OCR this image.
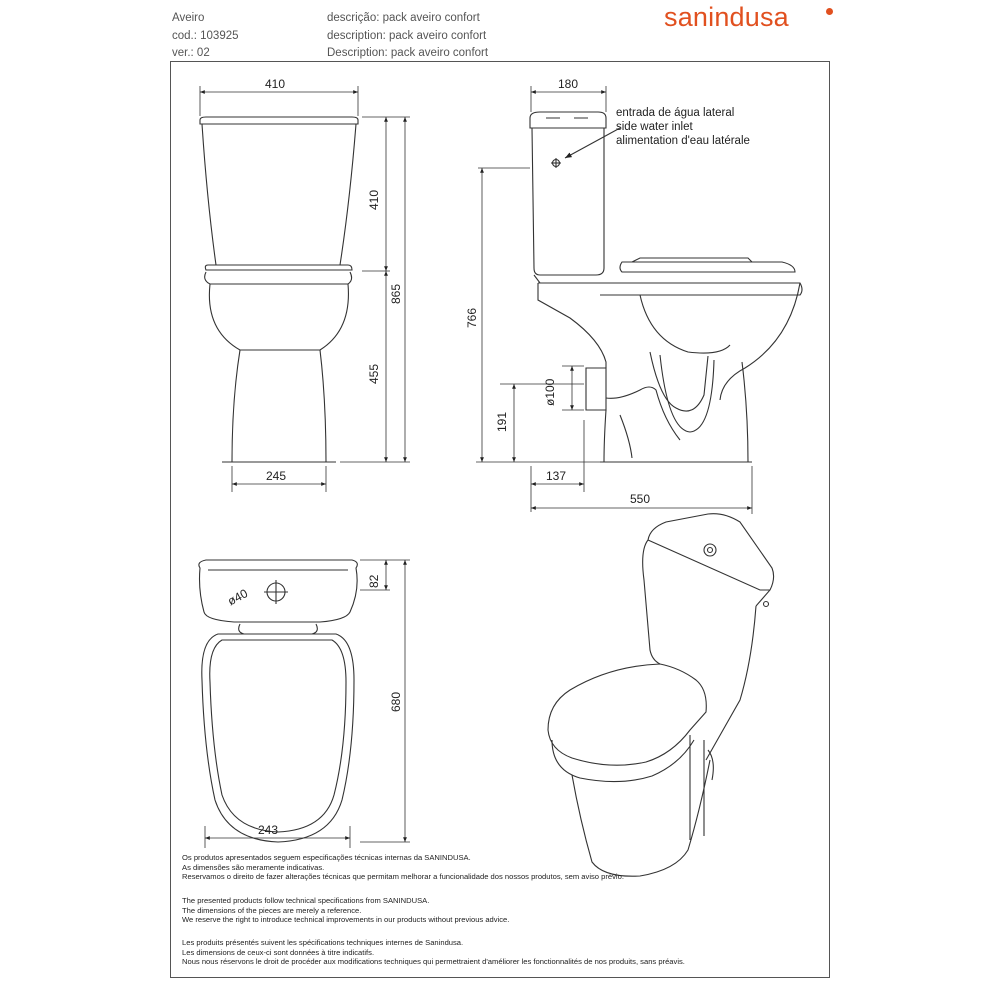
Aveiro
cod.: 103925
ver.: 02
descrição: pack aveiro confort
description: pack aveiro confort
Description: pack aveiro confort
sanindusa
410
410
455
865
245
180
766
191
ø100
137
550
82
680
ø40
243
entrada de água lateral
side water inlet
alimentation d'eau latérale
Os produtos apresentados seguem especificações técnicas internas da SANINDUSA.
As dimensões são meramente indicativas.
Reservamos o direito de fazer alterações técnicas que permitam melhorar a funcionalidade dos nossos produtos, sem aviso prévio.
The presented products follow technical specifications from SANINDUSA.
The dimensions of the pieces are merely a reference.
We reserve the right to introduce technical improvements in our products without previous advice.
Les produits présentés suivent les spécifications techniques internes de Sanindusa.
Les dimensions de ceux-ci sont données à titre indicatifs.
Nous nous réservons le droit de procéder aux modifications techniques qui permettraient d'améliorer les fonctionnalités de nos produits, sans préavis.
